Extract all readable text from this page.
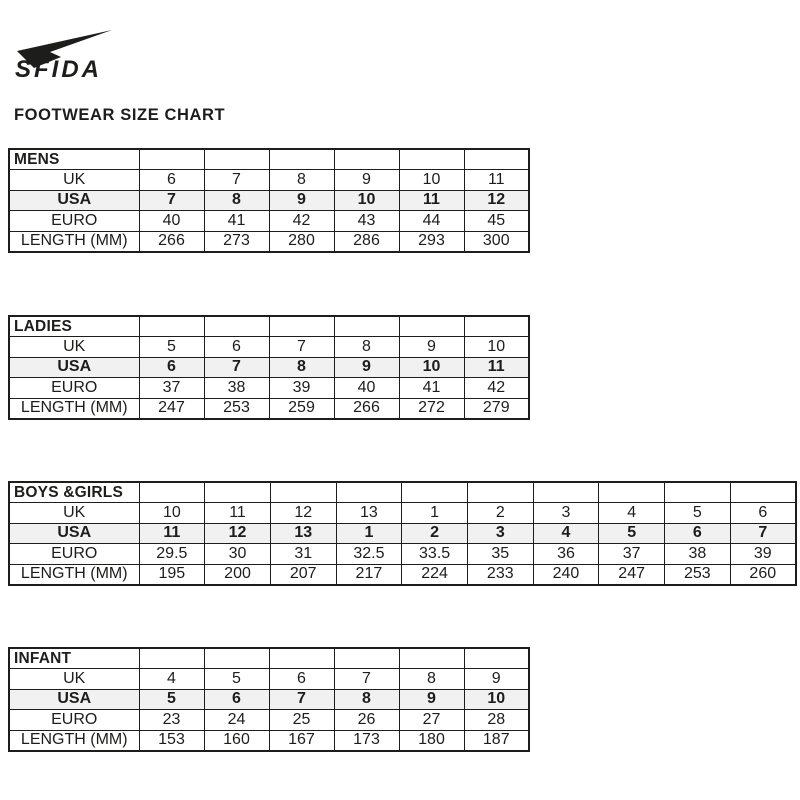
SFIDA
FOOTWEAR SIZE CHART
MENS						
UK	6	7	8	9	10	11
USA	7	8	9	10	11	12
EURO	40	41	42	43	44	45
LENGTH (MM)	266	273	280	286	293	300
LADIES						
UK	5	6	7	8	9	10
USA	6	7	8	9	10	11
EURO	37	38	39	40	41	42
LENGTH (MM)	247	253	259	266	272	279
BOYS &GIRLS										
UK	10	11	12	13	1	2	3	4	5	6
USA	11	12	13	1	2	3	4	5	6	7
EURO	29.5	30	31	32.5	33.5	35	36	37	38	39
LENGTH (MM)	195	200	207	217	224	233	240	247	253	260
INFANT						
UK	4	5	6	7	8	9
USA	5	6	7	8	9	10
EURO	23	24	25	26	27	28
LENGTH (MM)	153	160	167	173	180	187
